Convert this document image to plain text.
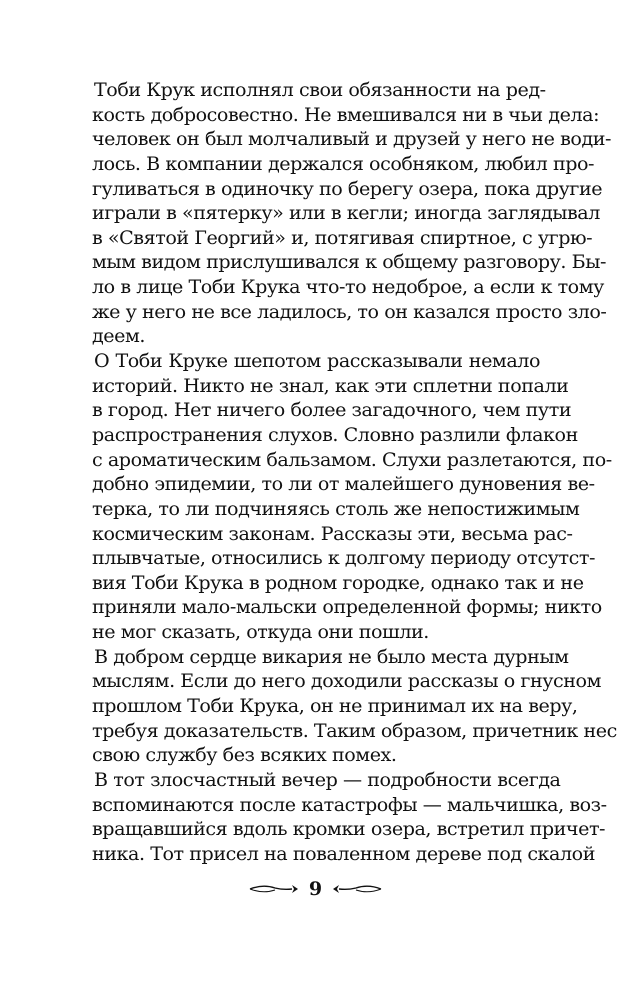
Тоби Крук исполнял свои обязанности на ред-
кость добросовестно. Не вмешивался ни в чьи дела:
человек он был молчаливый и друзей у него не води-
лось. В компании держался особняком, любил про-
гуливаться в одиночку по берегу озера, пока другие
играли в «пятерку» или в кегли; иногда заглядывал
в «Святой Георгий» и, потягивая спиртное, с угрю-
мым видом прислушивался к общему разговору. Бы-
ло в лице Тоби Крука что-то недоброе, а если к тому
же у него не все ладилось, то он казался просто зло-
деем.
О Тоби Круке шепотом рассказывали немало
историй. Никто не знал, как эти сплетни попали
в город. Нет ничего более загадочного, чем пути
распространения слухов. Словно разлили флакон
с ароматическим бальзамом. Слухи разлетаются, по-
добно эпидемии, то ли от малейшего дуновения ве-
терка, то ли подчиняясь столь же непостижимым
космическим законам. Рассказы эти, весьма рас-
плывчатые, относились к долгому периоду отсутст-
вия Тоби Крука в родном городке, однако так и не
приняли мало-мальски определенной формы; никто
не мог сказать, откуда они пошли.
В добром сердце викария не было места дурным
мыслям. Если до него доходили рассказы о гнусном
прошлом Тоби Крука, он не принимал их на веру,
требуя доказательств. Таким образом, причетник нес
свою службу без всяких помех.
В тот злосчастный вечер — подробности всегда
вспоминаются после катастрофы — мальчишка, воз-
вращавшийся вдоль кромки озера, встретил причет-
ника. Тот присел на поваленном дереве под скалой
9
